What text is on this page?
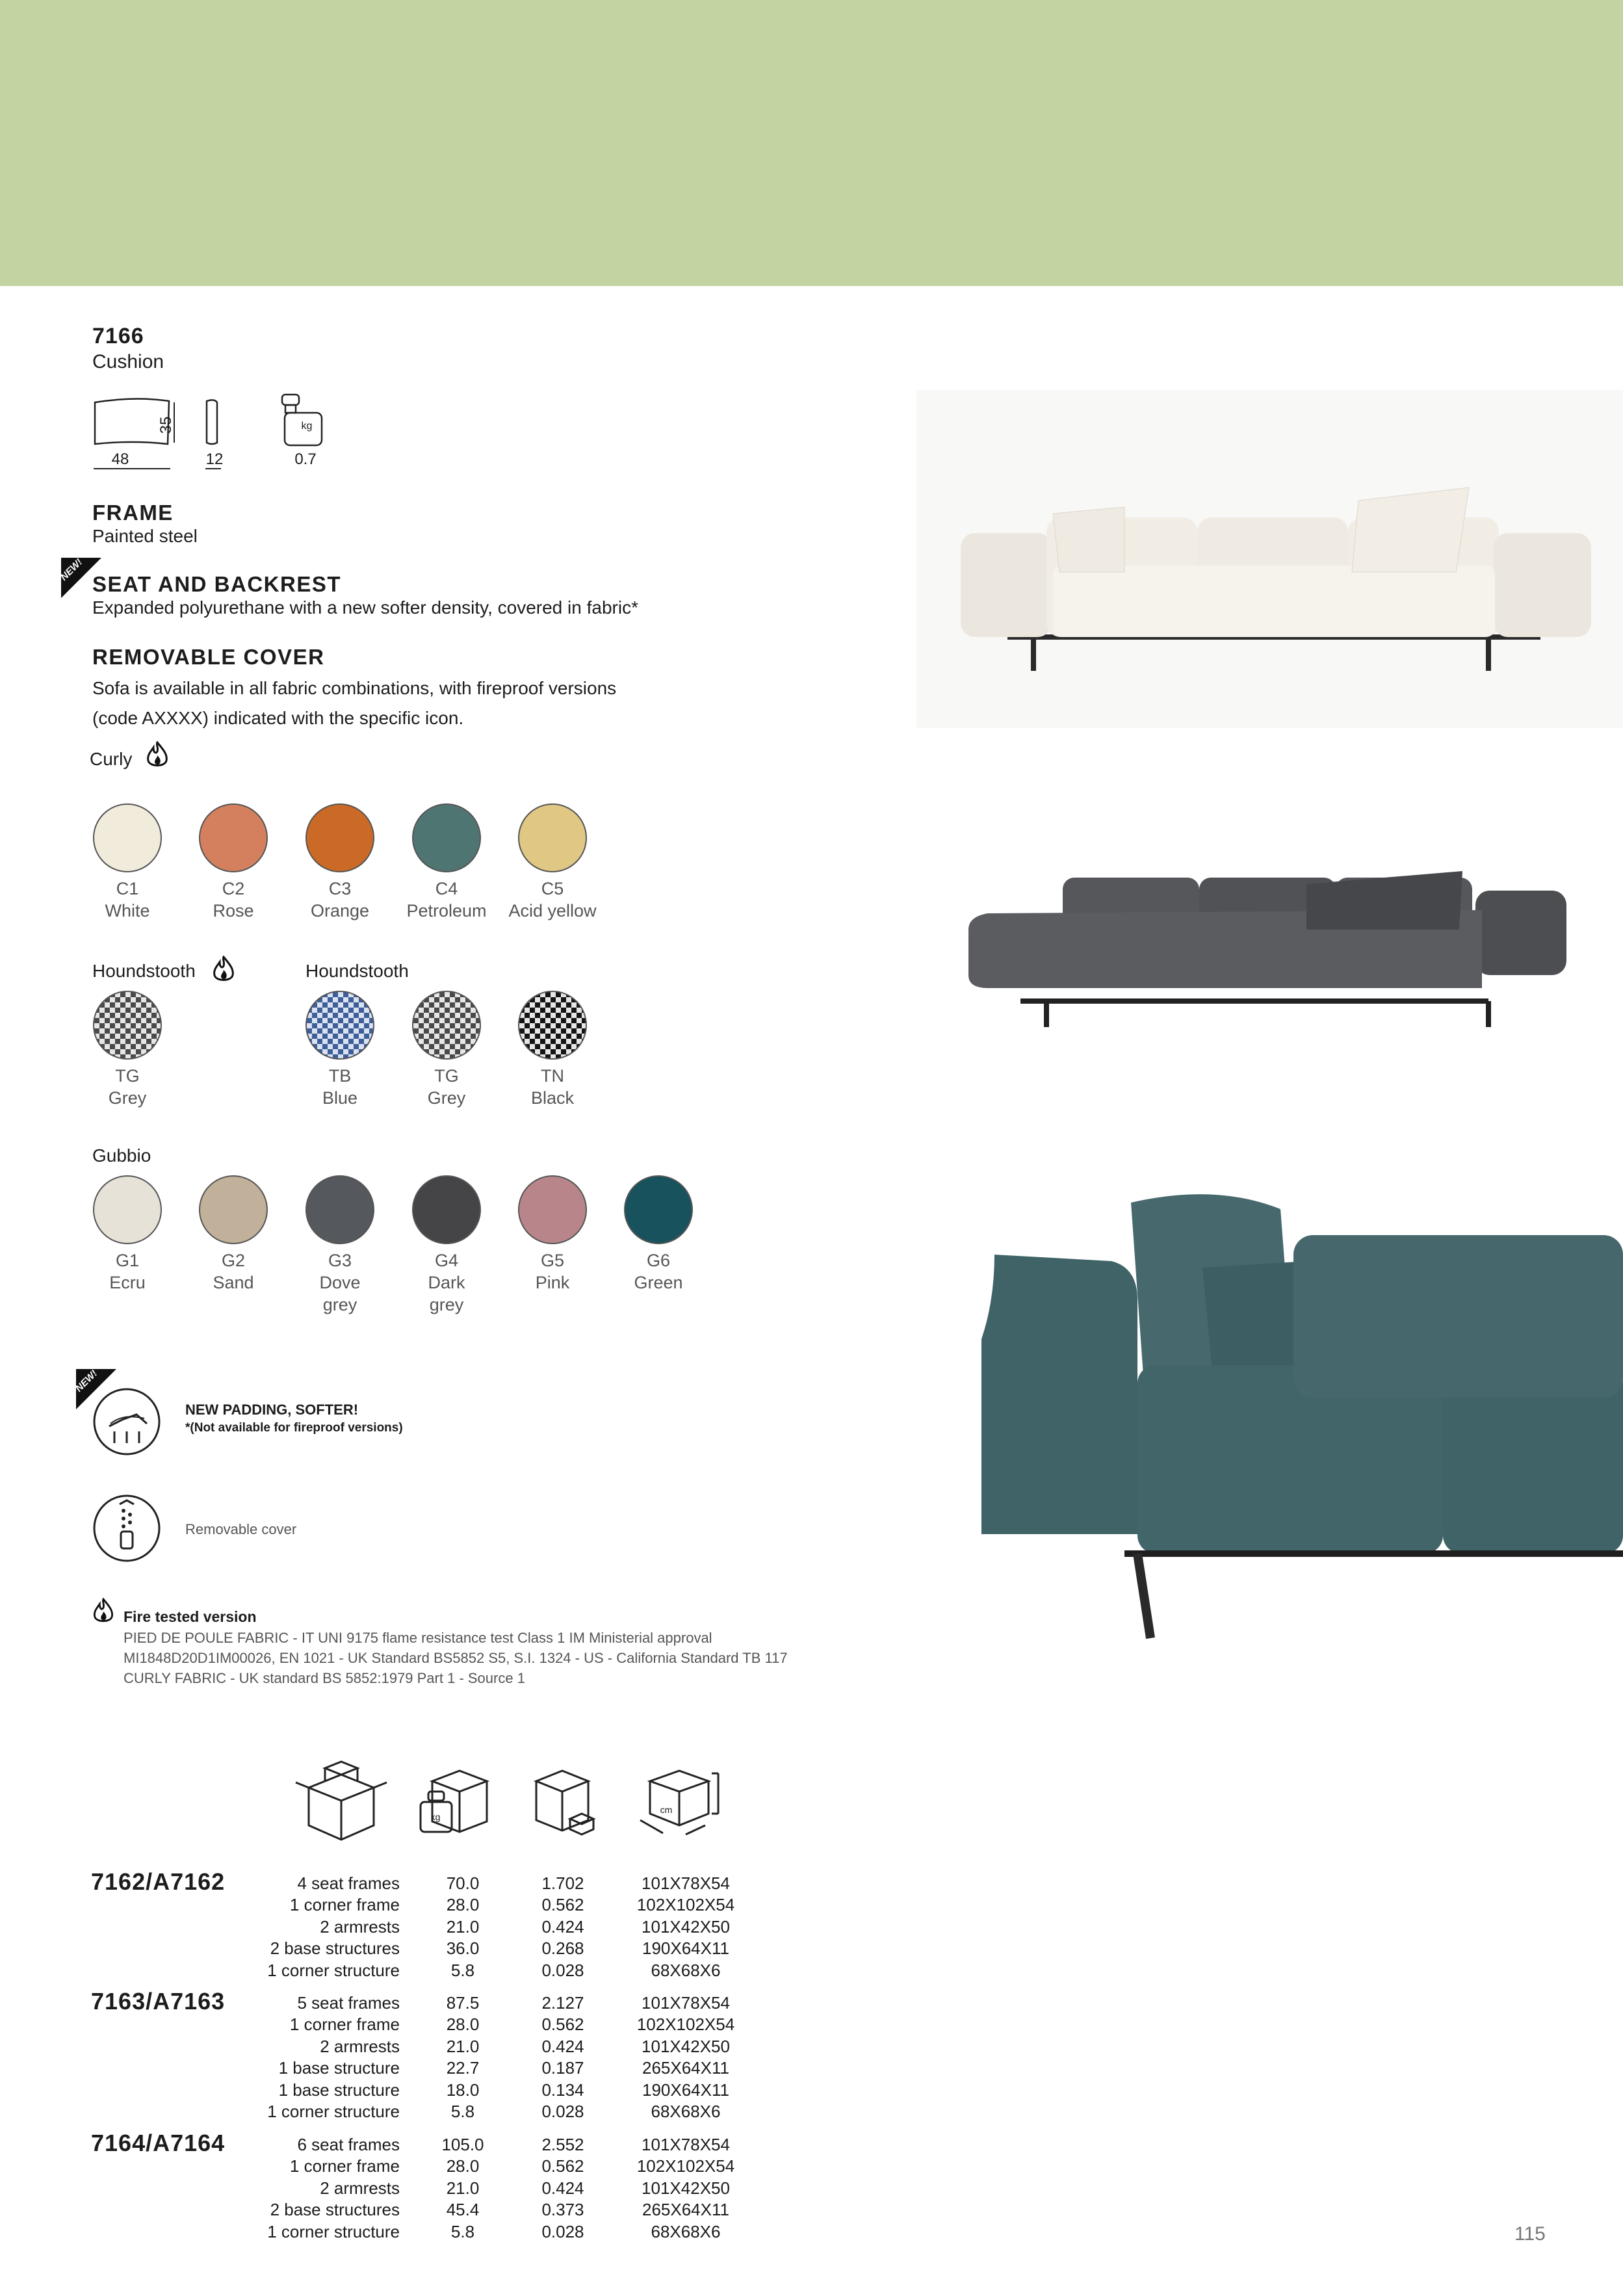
7166
Cushion
35
48	12
kg
0.7
FRAME
Painted steel
NEW!
SEAT AND BACKREST
Expanded polyurethane with a new softer density, covered in fabric*
REMOVABLE COVER
Sofa is available in all fabric combinations, with fireproof versions
(code AXXXX) indicated with the specific icon.
Curly
C1
White
C2
Rose
C3
Orange
C4
Petroleum
C5
Acid yellow
Houndstooth	Houndstooth
TG
Grey
TB
Blue
TG
Grey
TN
Black
Gubbio
G1
Ecru
G2
Sand
G3
Dove
grey
G4
Dark
grey
G5
Pink
G6
Green
NEW!
NEW PADDING, SOFTER!
*(Not available for fireproof versions)
Removable cover
Fire tested version
PIED DE POULE FABRIC - IT UNI 9175 flame resistance test Class 1 IM Ministerial approval
MI1848D20D1IM00026, EN 1021 - UK Standard BS5852 S5, S.I. 1324 - US - California Standard TB 117
CURLY FABRIC - UK standard BS 5852:1979 Part 1 - Source 1
kg
cm
7162/A7162	4 seat frames	70.0	1.702	101X78X54
1 corner frame	28.0	0.562	102X102X54
2 armrests	21.0	0.424	101X42X50
2 base structures	36.0	0.268	190X64X11
1 corner structure	5.8	0.028	68X68X6
7163/A7163	5 seat frames	87.5	2.127	101X78X54
1 corner frame	28.0	0.562	102X102X54
2 armrests	21.0	0.424	101X42X50
1 base structure	22.7	0.187	265X64X11
1 base structure	18.0	0.134	190X64X11
1 corner structure	5.8	0.028	68X68X6
7164/A7164	6 seat frames	105.0	2.552	101X78X54
1 corner frame	28.0	0.562	102X102X54
2 armrests	21.0	0.424	101X42X50
2 base structures	45.4	0.373	265X64X11
1 corner structure	5.8	0.028	68X68X6	115
